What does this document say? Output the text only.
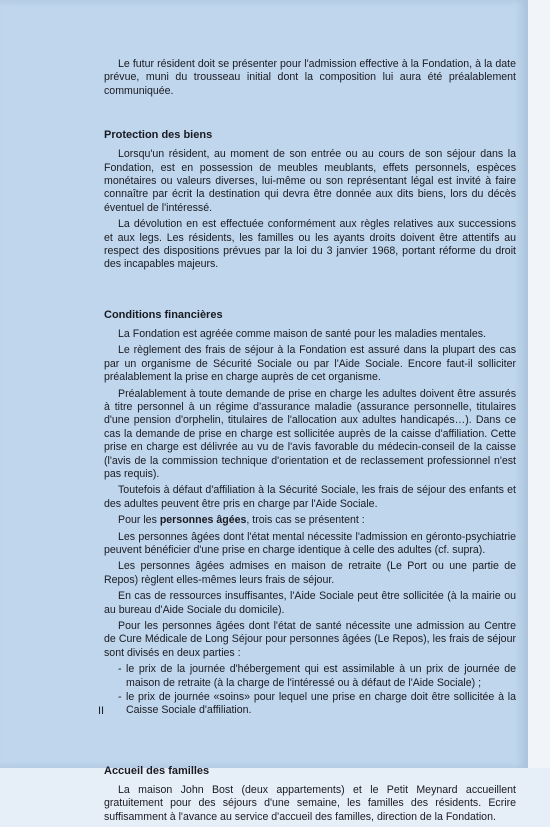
Le futur résident doit se présenter pour l'admission effective à la Fondation, à la date prévue, muni du trousseau initial dont la composition lui aura été préalablement communiquée.

Protection des biens

Lorsqu'un résident, au moment de son entrée ou au cours de son séjour dans la Fondation, est en possession de meubles meublants, effets personnels, espèces monétaires ou valeurs diverses, lui-même ou son représentant légal est invité à faire connaître par écrit la destination qui devra être donnée aux dits biens, lors du décès éventuel de l'intéressé.

La dévolution en est effectuée conformément aux règles relatives aux successions et aux legs. Les résidents, les familles ou les ayants droits doivent être attentifs au respect des dispositions prévues par la loi du 3 janvier 1968, portant réforme du droit des incapables majeurs.

Conditions financières

La Fondation est agréée comme maison de santé pour les maladies mentales.

Le règlement des frais de séjour à la Fondation est assuré dans la plupart des cas par un organisme de Sécurité Sociale ou par l'Aide Sociale. Encore faut-il solliciter préalablement la prise en charge auprès de cet organisme.

Préalablement à toute demande de prise en charge les adultes doivent être assurés à titre personnel à un régime d'assurance maladie (assurance personnelle, titulaires d'une pension d'orphelin, titulaires de l'allocation aux adultes handicapés…). Dans ce cas la demande de prise en charge est sollicitée auprès de la caisse d'affiliation. Cette prise en charge est délivrée au vu de l'avis favorable du médecin-conseil de la caisse (l'avis de la commission technique d'orientation et de reclassement professionnel n'est pas requis).

Toutefois à défaut d'affiliation à la Sécurité Sociale, les frais de séjour des enfants et des adultes peuvent être pris en charge par l'Aide Sociale.

Pour les personnes âgées, trois cas se présentent :

Les personnes âgées dont l'état mental nécessite l'admission en géronto-psychiatrie peuvent bénéficier d'une prise en charge identique à celle des adultes (cf. supra).

Les personnes âgées admises en maison de retraite (Le Port ou une partie de Repos) règlent elles-mêmes leurs frais de séjour.

En cas de ressources insuffisantes, l'Aide Sociale peut être sollicitée (à la mairie ou au bureau d'Aide Sociale du domicile).

Pour les personnes âgées dont l'état de santé nécessite une admission au Centre de Cure Médicale de Long Séjour pour personnes âgées (Le Repos), les frais de séjour sont divisés en deux parties :

- le prix de la journée d'hébergement qui est assimilable à un prix de journée de maison de retraite (à la charge de l'intéressé ou à défaut de l'Aide Sociale) ;
- le prix de journée «soins» pour lequel une prise en charge doit être sollicitée à la Caisse Sociale d'affiliation.
Accueil des familles

La maison John Bost (deux appartements) et le Petit Meynard accueillent gratuitement pour des séjours d'une semaine, les familles des résidents. Ecrire suffisamment à l'avance au service d'accueil des familles, direction de la Fondation.

II
